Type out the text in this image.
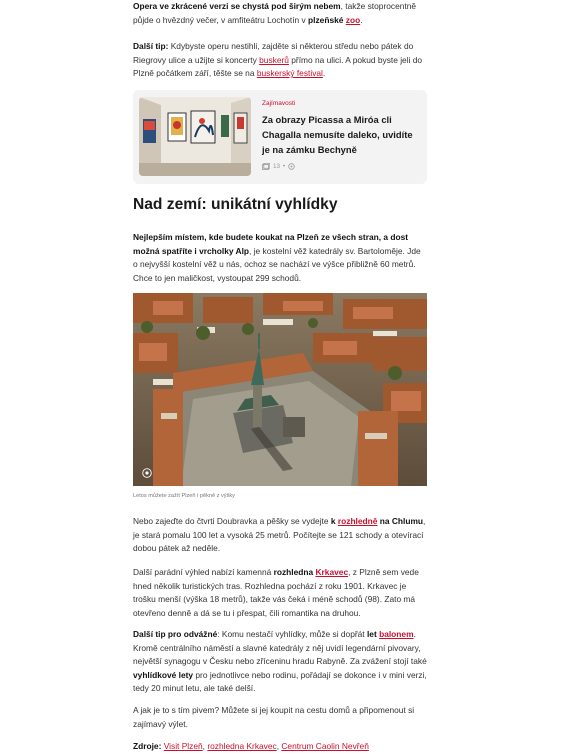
Opera ve zkrácené verzi se chystá pod širým nebem, takže stoprocentně půjde o hvězdný večer, v amfiteátru Lochotín v plzeňské zoo.

Další tip: Kdybyste operu nestihli, zajděte si některou středu nebo pátek do Riegrovy ulice a užijte si koncerty buskerů přímo na ulici. A pokud byste jeli do Plzně počátkem září, těšte se na buskerský festival.

Zajímavosti
Za obrazy Picassa a Miróa cli Chagalla nemusíte daleko, uvidíte je na zámku Bechyně
13 •
Nad zemí: unikátní vyhlídky

Nejlepším místem, kde budete koukat na Plzeň ze všech stran, a dost možná spatříte i vrcholky Alp, je kostelní věž katedrály sv. Bartoloměje. Jde o nejvyšší kostelní věž u nás, ochoz se nachází ve výšce přibližně 60 metrů. Chce to jen maličkost, vystoupat 299 schodů.

Letos můžete zažít Plzeň i pěkně z výšky

Nebo zajeďte do čtvrti Doubravka a pěšky se vydejte k rozhledně na Chlumu, je stará pomalu 100 let a vysoká 25 metrů. Počítejte se 121 schody a otevírací dobou pátek až neděle.

Další parádní výhled nabízí kamenná rozhledna Krkavec, z Plzně sem vede hned několik turistických tras. Rozhledna pochází z roku 1901. Krkavec je trošku menší (výška 18 metrů), takže vás čeká i méně schodů (98). Zato má otevřeno denně a dá se tu i přespat, čili romantika na druhou.

Další tip pro odvážné: Komu nestačí vyhlídky, může si dopřát let balonem. Kromě centrálního náměstí a slavné katedrály z něj uvidí legendární pivovary, největší synagogu v Česku nebo zříceninu hradu Rabyně. Za zvážení stojí také vyhlídkové lety pro jednotlivce nebo rodinu, pořádají se dokonce i v mini verzi, tedy 20 minut letu, ale také delší.

A jak je to s tím pivem? Můžete si jej koupit na cestu domů a připomenout si zajímavý výlet.

Zdroje: Visit Plzeň, rozhledna Krkavec, Centrum Caolin Nevřeň
